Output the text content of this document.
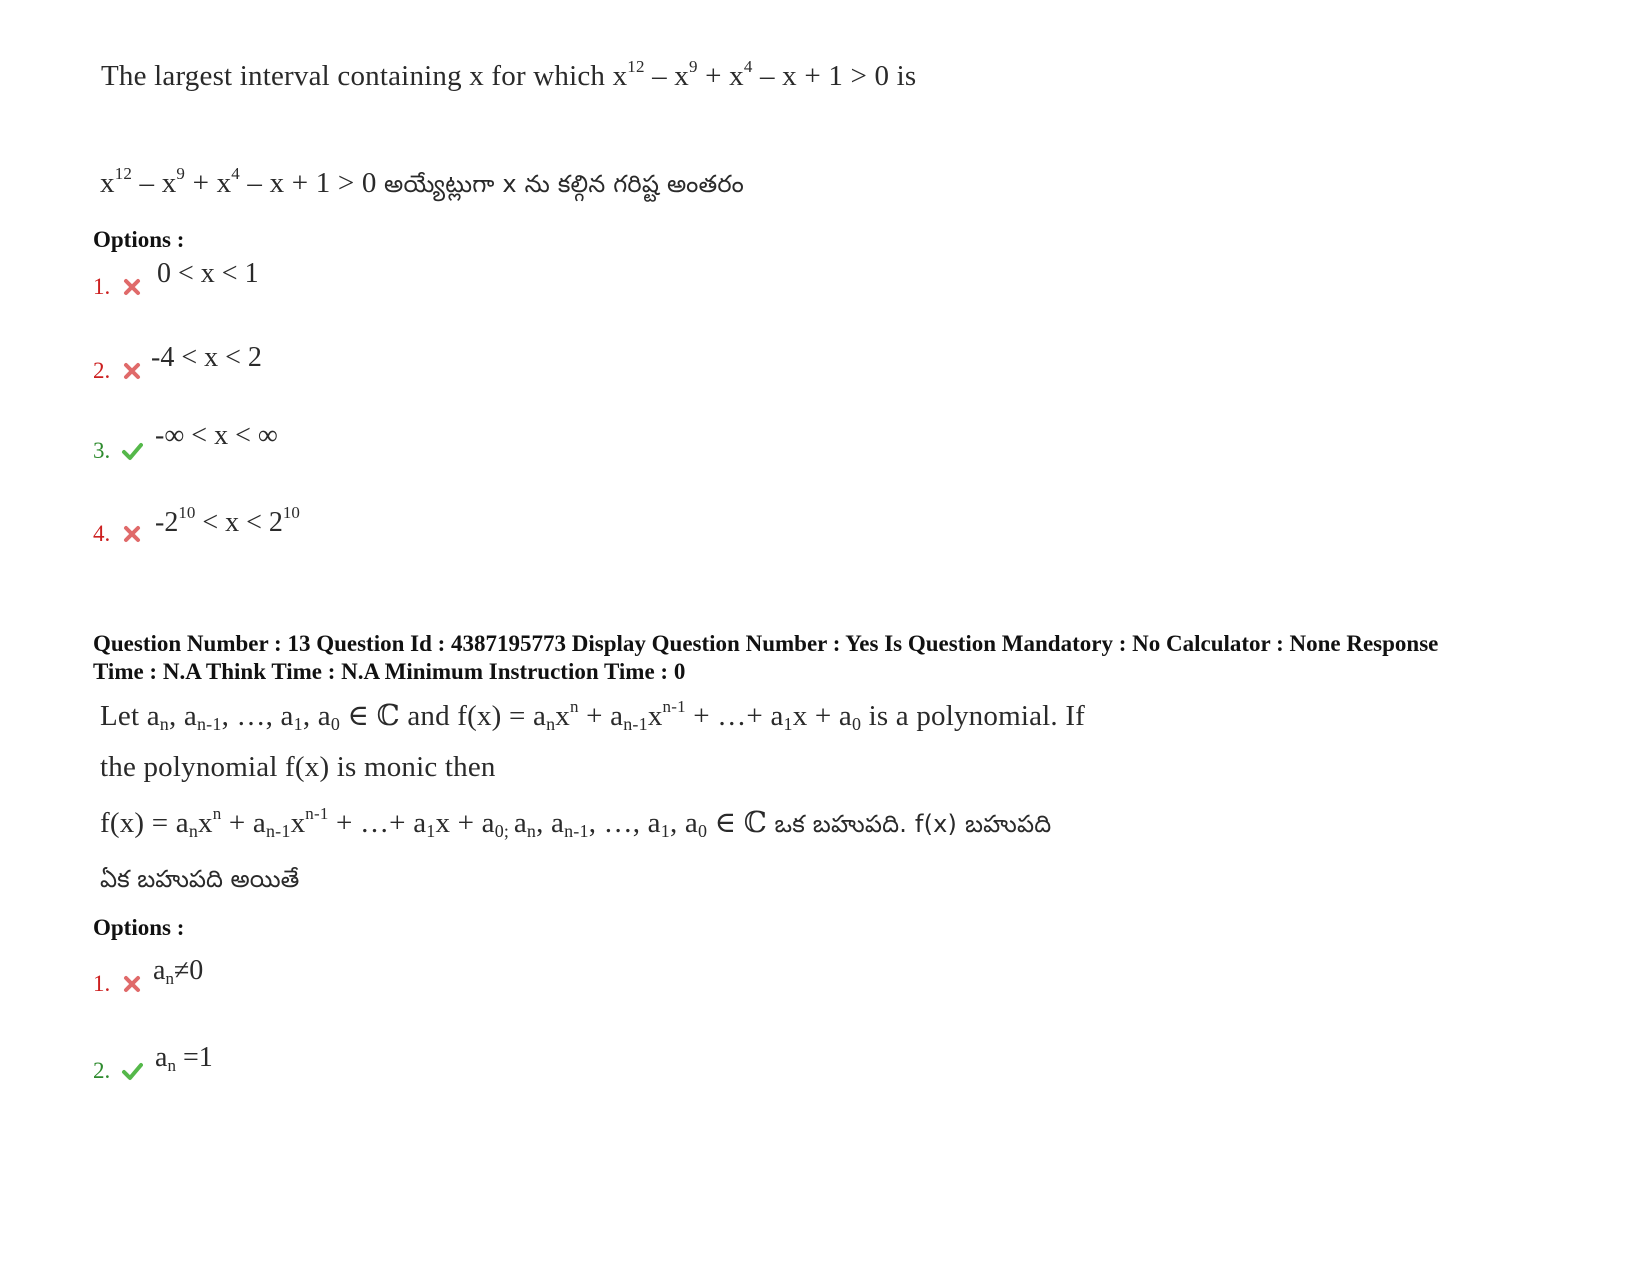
The largest interval containing x for which $x^{12} - x^9 + x^4 - x + 1 > 0$ is
$x^{12} - x^9 + x^4 - x + 1 > 0$ అయ్యేట్లుగా x ను కల్గిన గరిష్ట అంతరం
Options :
1.	0 < x < 1
2.	-4 < x < 2
3.	-∞ < x < ∞
4.	$-2^{10} < x < 2^{10}$
Question Number : 13 Question Id : 4387195773 Display Question Number : Yes Is Question Mandatory : No Calculator : None Response
Time : N.A Think Time : N.A Minimum Instruction Time : 0
Let $a_n$, $a_{n-1}$, …, $a_1$, $a_0$ ∈ ℂ and $f(x) = a_nx^n + a_{n-1}x^{n-1}$ + …+ $a_1x + a_0$ is a polynomial. If
the polynomial f(x) is monic then
$f(x) = a_nx^n + a_{n-1}x^{n-1}$ + …+ $a_1x + a_{0;}$ $a_n$, $a_{n-1}$, …, $a_1$, $a_0$ ∈ ℂ ఒక బహుపది. f(x) బహుపది
ఏక బహుపది అయితే
Options :
1.	$a_n\ne 0$
2.	$a_n =1$
